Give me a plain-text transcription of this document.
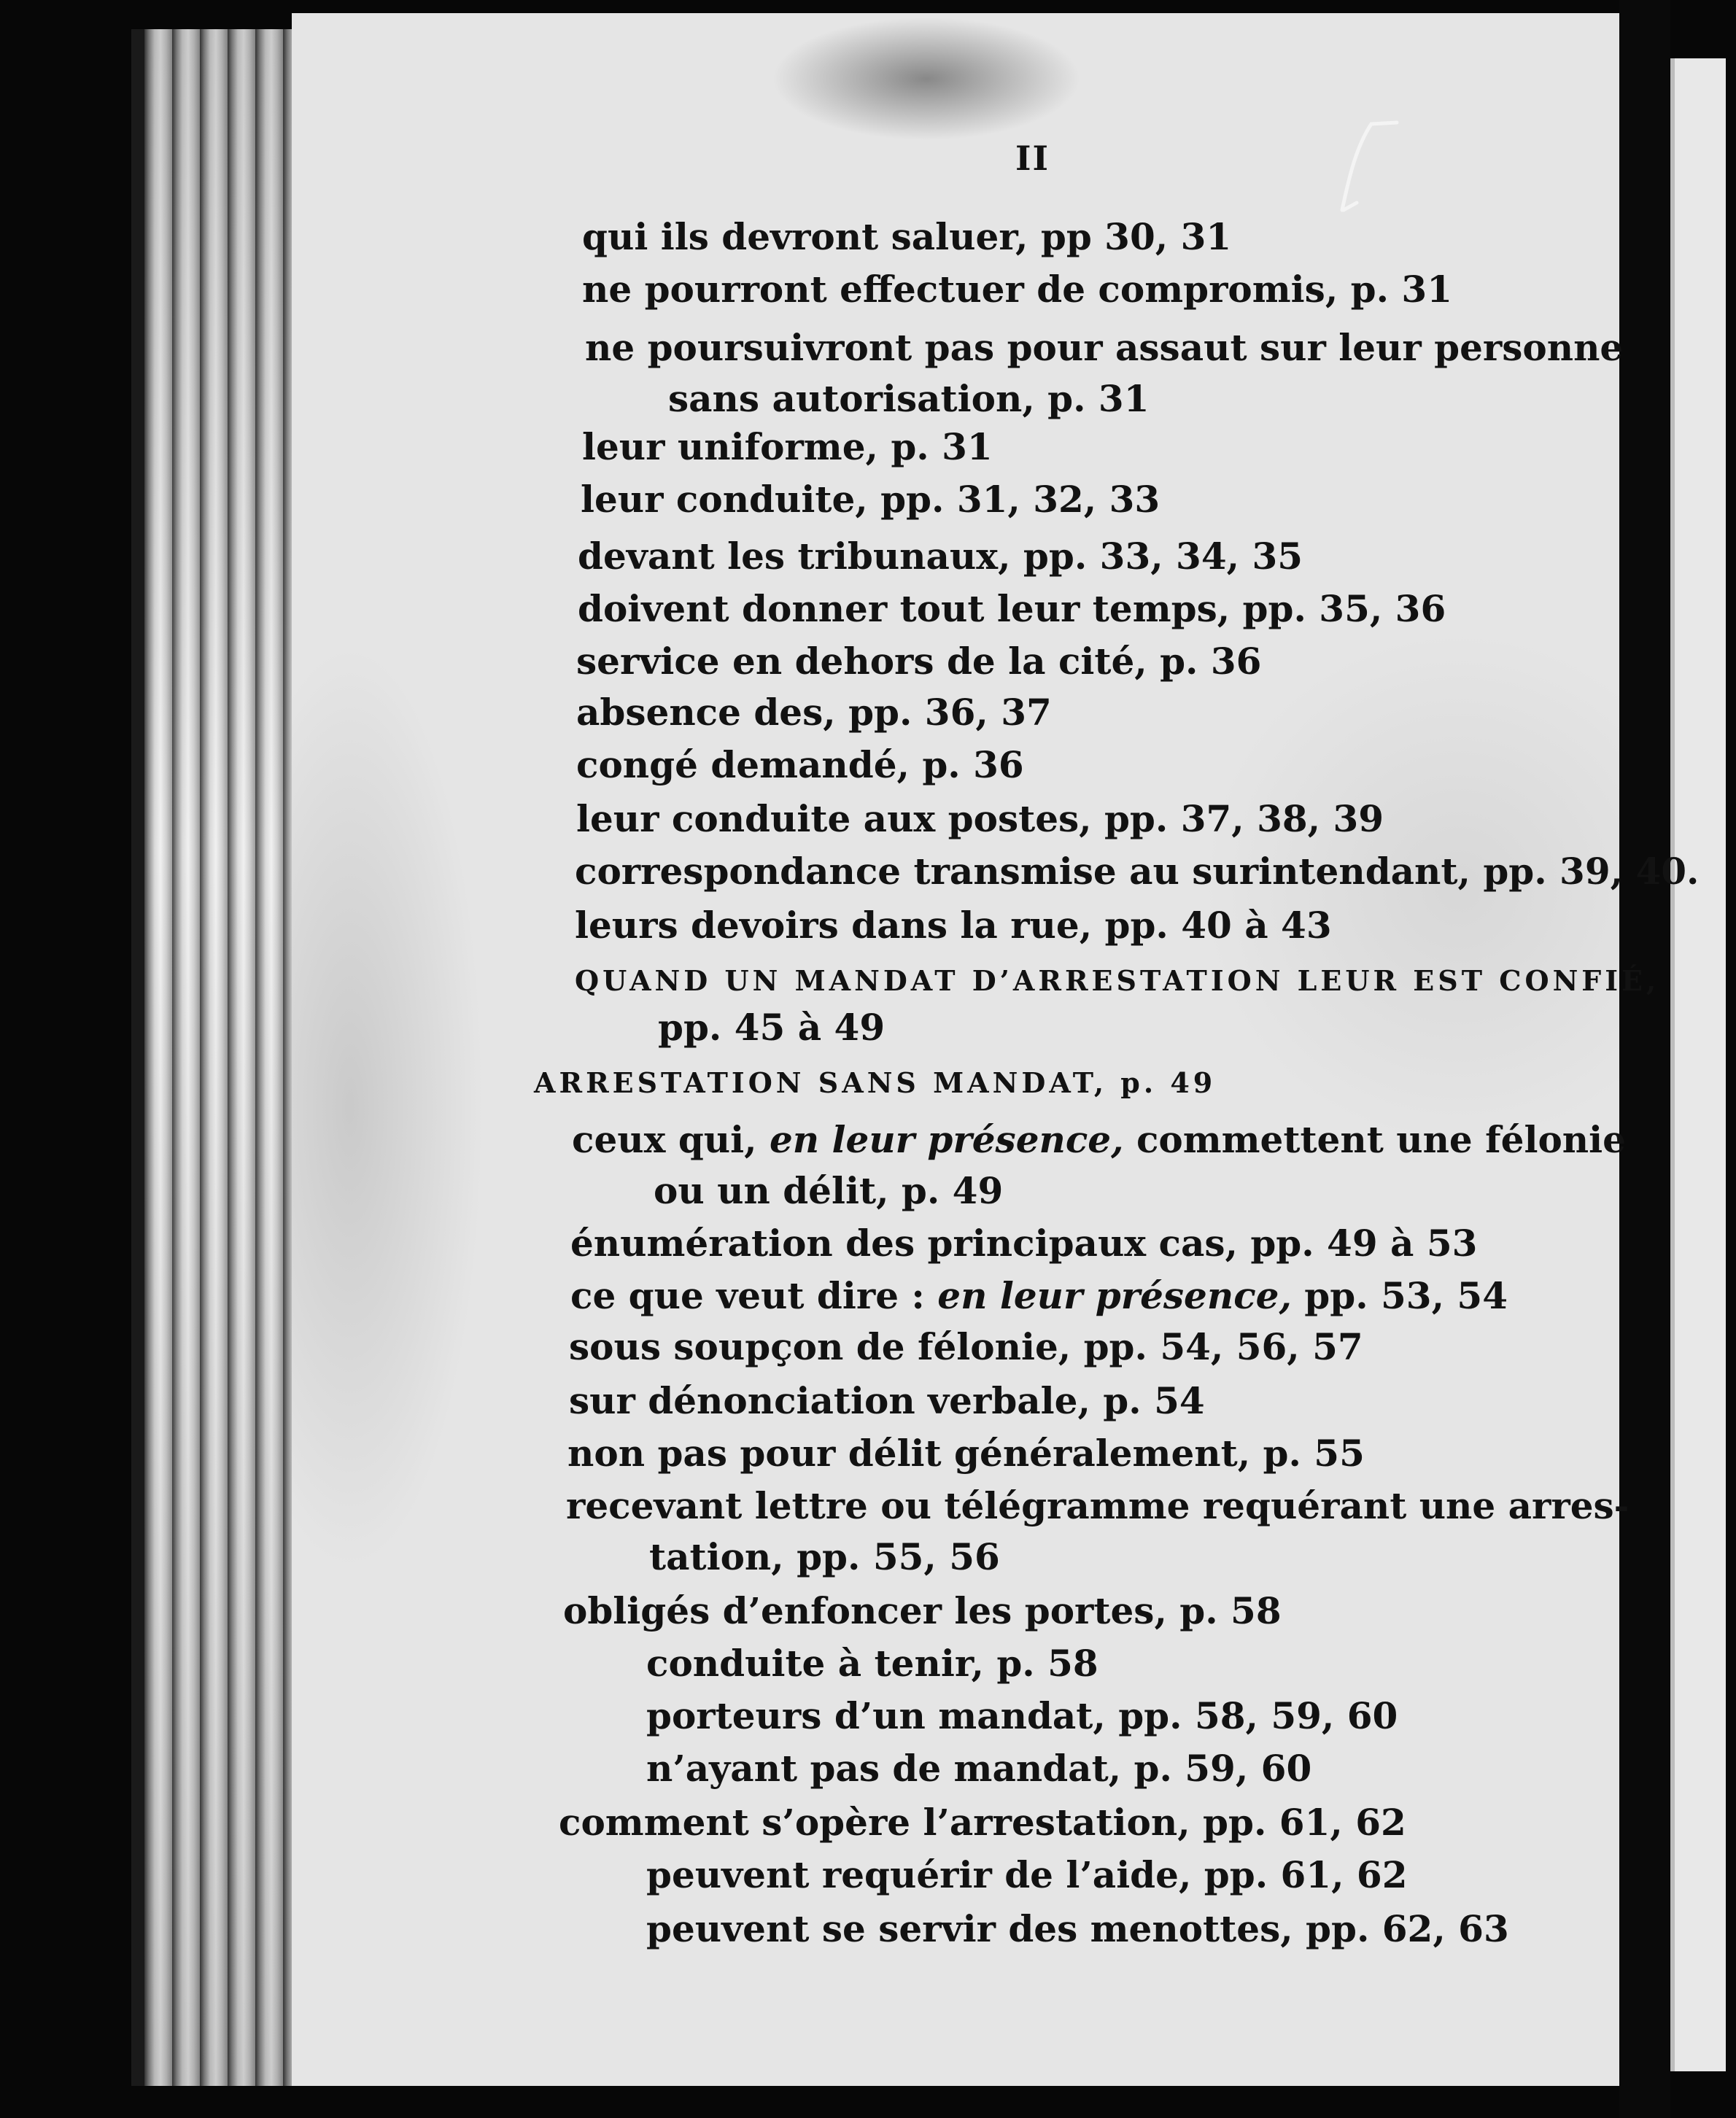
II
qui ils devront saluer, pp 30, 31
ne pourront effectuer de compromis, p. 31
ne poursuivront pas pour assaut sur leur personne
sans autorisation, p. 31
leur uniforme, p. 31
leur conduite, pp. 31, 32, 33
devant les tribunaux, pp. 33, 34, 35
doivent donner tout leur temps, pp. 35, 36
service en dehors de la cité, p. 36
absence des, pp. 36, 37
congé demandé, p. 36
leur conduite aux postes, pp. 37, 38, 39
correspondance transmise au surintendant, pp. 39, 40.
leurs devoirs dans la rue, pp. 40 à 43
QUAND UN MANDAT D’ARRESTATION LEUR EST CONFIÉ,
pp. 45 à 49
ARRESTATION SANS MANDAT, p. 49
ceux qui, en leur présence, commettent une félonie
ou un délit, p. 49
énumération des principaux cas, pp. 49 à 53
ce que veut dire : en leur présence, pp. 53, 54
sous soupçon de félonie, pp. 54, 56, 57
sur dénonciation verbale, p. 54
non pas pour délit généralement, p. 55
recevant lettre ou télégramme requérant une arres-
tation, pp. 55, 56
obligés d’enfoncer les portes, p. 58
conduite à tenir, p. 58
porteurs d’un mandat, pp. 58, 59, 60
n’ayant pas de mandat, p. 59, 60
comment s’opère l’arrestation, pp. 61, 62
peuvent requérir de l’aide, pp. 61, 62
peuvent se servir des menottes, pp. 62, 63
